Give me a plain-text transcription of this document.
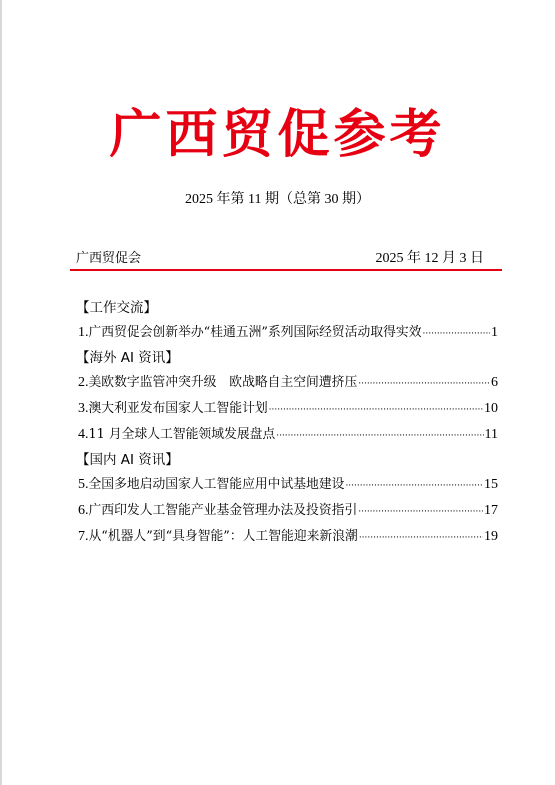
广西贸促参考
2025 年第 11 期（总第 30 期）
广西贸促会	2025 年 12 月 3 日
【工作交流】
1. 广西贸促会创新举办“桂通五洲”系列国际经贸活动取得实效 ·····	1
【海外 AI 资讯】
2. 美欧数字监管冲突升级　欧战略自主空间遭挤压 ·····	6
3. 澳大利亚发布国家人工智能计划 ·····	10
4. 11 月全球人工智能领域发展盘点 ·····	11
【国内 AI 资讯】
5. 全国多地启动国家人工智能应用中试基地建设 ·····	15
6. 广西印发人工智能产业基金管理办法及投资指引 ·····	17
7. 从“机器人”到“具身智能”：人工智能迎来新浪潮 ·····	19
